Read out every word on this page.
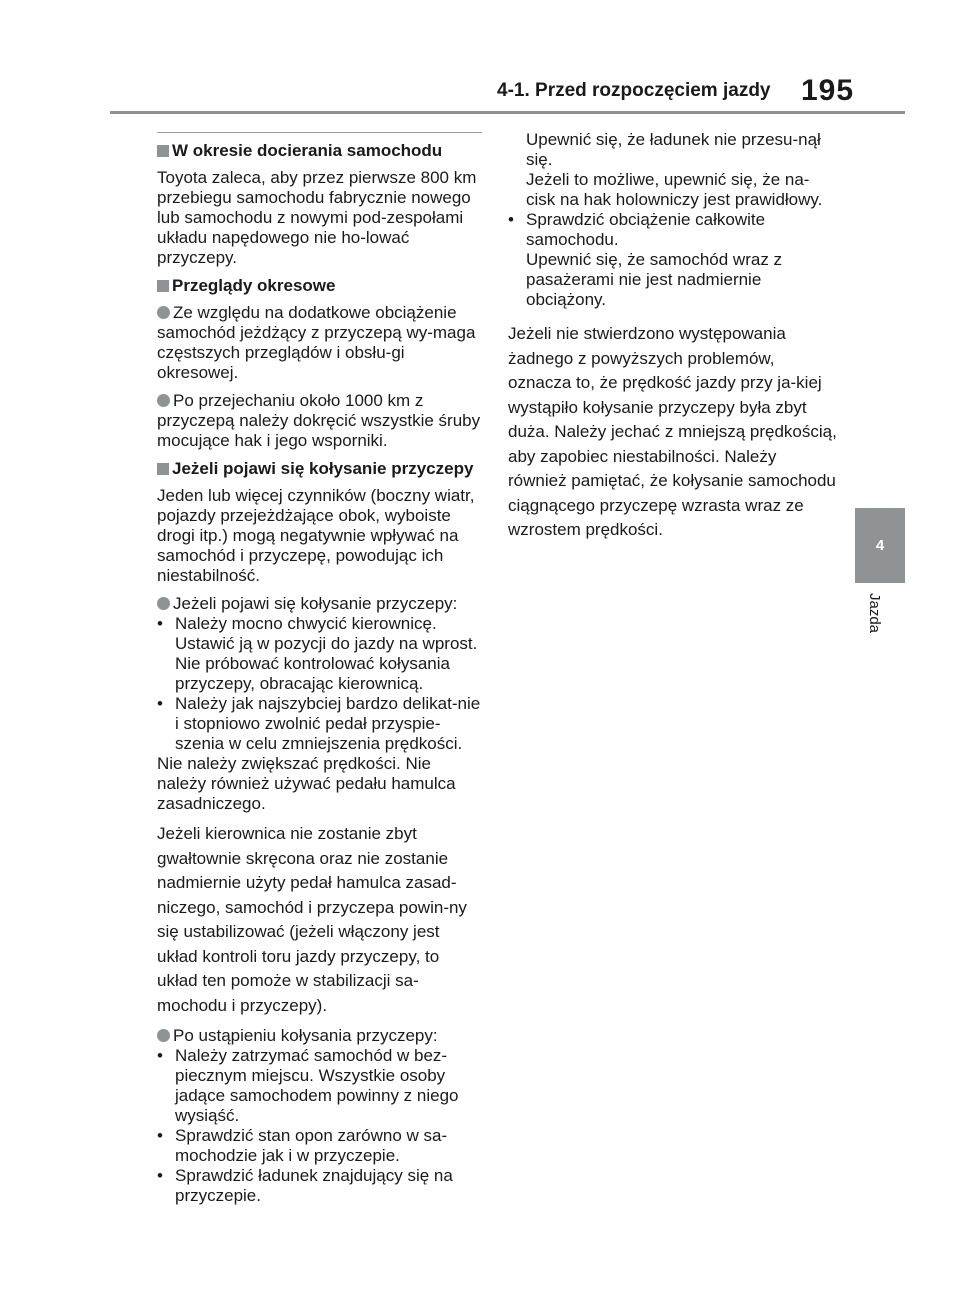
4-1. Przed rozpoczęciem jazdy 195
4
Jazda
W okresie docierania samochodu
Toyota zaleca, aby przez pierwsze 800 km przebiegu samochodu fabrycznie nowego lub samochodu z nowymi pod-zespołami układu napędowego nie ho-lować przyczepy.
Przeglądy okresowe
Ze względu na dodatkowe obciążenie samochód jeżdżący z przyczepą wy-maga częstszych przeglądów i obsłu-gi okresowej.
Po przejechaniu około 1000 km z przyczepą należy dokręcić wszystkie śruby mocujące hak i jego wsporniki.
Jeżeli pojawi się kołysanie przyczepy
Jeden lub więcej czynników (boczny wiatr, pojazdy przejeżdżające obok, wyboiste drogi itp.) mogą negatywnie wpływać na samochód i przyczepę, powodując ich niestabilność.
Jeżeli pojawi się kołysanie przyczepy:
• Należy mocno chwycić kierownicę. Ustawić ją w pozycji do jazdy na wprost.
Nie próbować kontrolować kołysania przyczepy, obracając kierownicą.
• Należy jak najszybciej bardzo delikat-nie i stopniowo zwolnić pedał przyspie-szenia w celu zmniejszenia prędkości.
Nie należy zwiększać prędkości. Nie należy również używać pedału hamulca zasadniczego.
Jeżeli kierownica nie zostanie zbyt gwałtownie skręcona oraz nie zostanie nadmiernie użyty pedał hamulca zasad-niczego, samochód i przyczepa powin-ny się ustabilizować (jeżeli włączony jest układ kontroli toru jazdy przyczepy, to układ ten pomoże w stabilizacji sa-mochodu i przyczepy).
Po ustąpieniu kołysania przyczepy:
• Należy zatrzymać samochód w bez-piecznym miejscu. Wszystkie osoby jadące samochodem powinny z niego wysiąść.
• Sprawdzić stan opon zarówno w sa-mochodzie jak i w przyczepie.
• Sprawdzić ładunek znajdujący się na przyczepie.
Upewnić się, że ładunek nie przesu-nął się.
Jeżeli to możliwe, upewnić się, że na-cisk na hak holowniczy jest prawidłowy.
• Sprawdzić obciążenie całkowite samochodu.
Upewnić się, że samochód wraz z pasażerami nie jest nadmiernie obciążony.
Jeżeli nie stwierdzono występowania żadnego z powyższych problemów, oznacza to, że prędkość jazdy przy ja-kiej wystąpiło kołysanie przyczepy była zbyt duża. Należy jechać z mniejszą prędkością, aby zapobiec niestabilności. Należy również pamiętać, że kołysanie samochodu ciągnącego przyczepę wzrasta wraz ze wzrostem prędkości.
